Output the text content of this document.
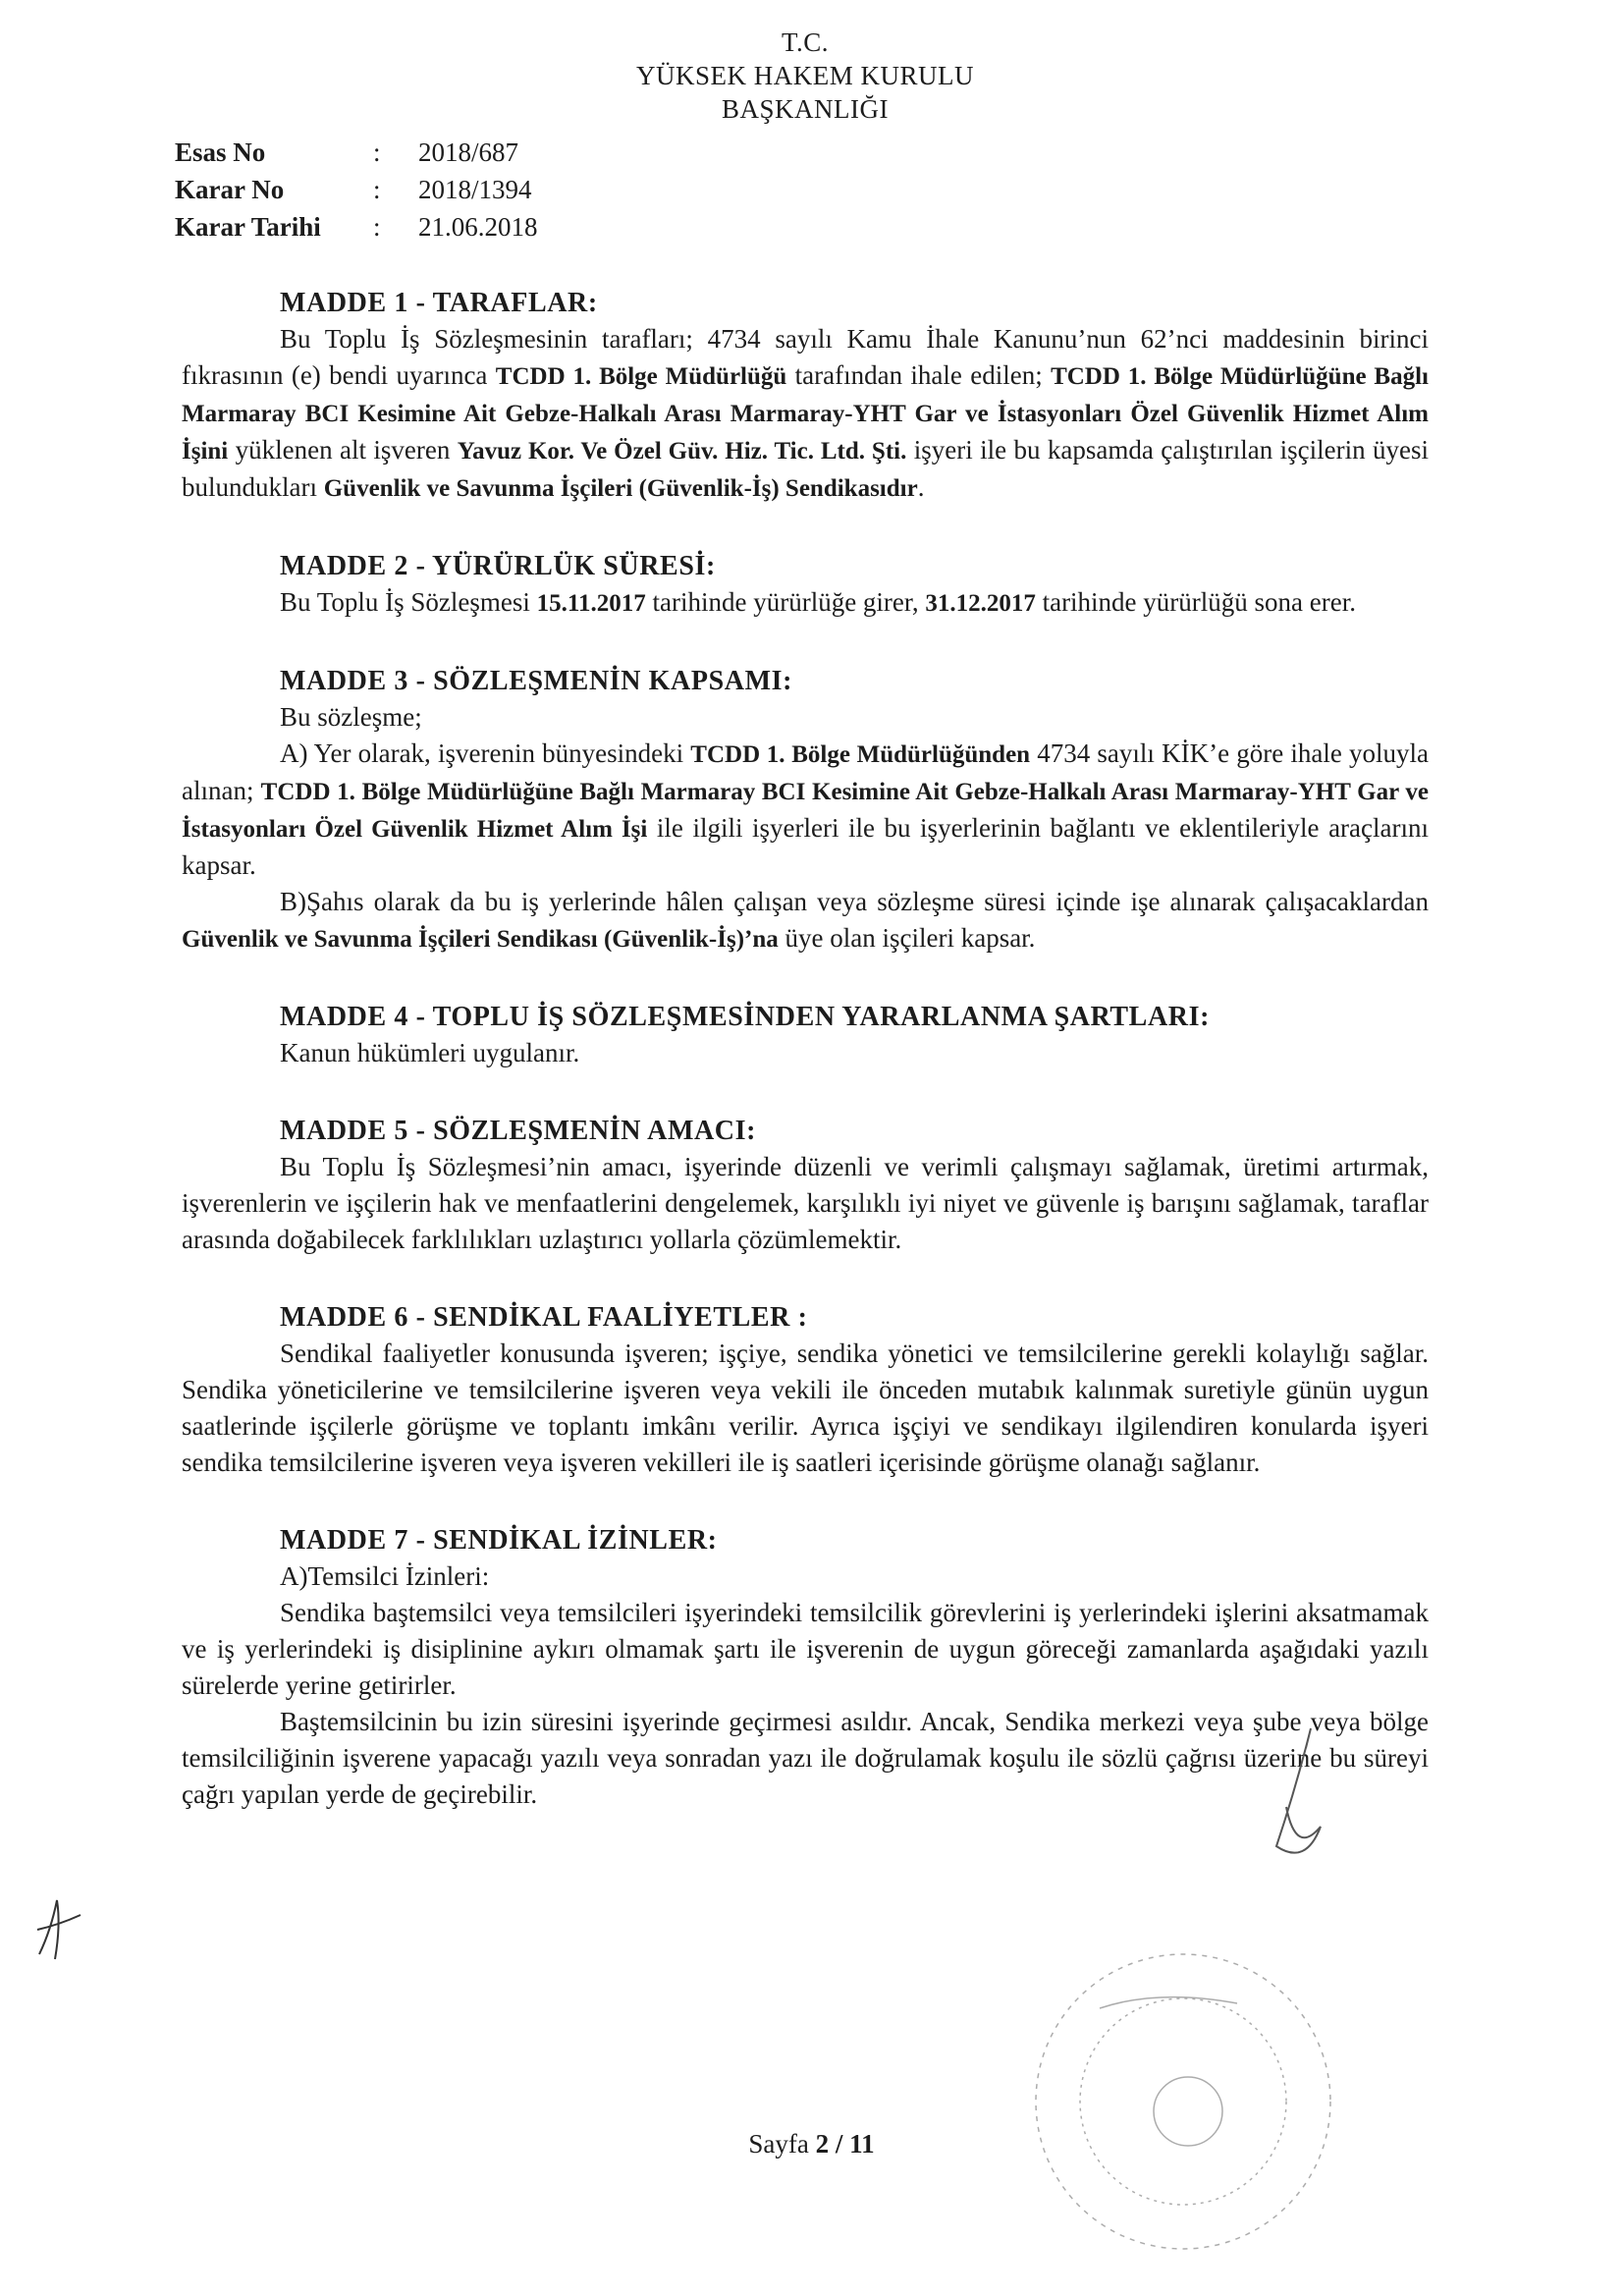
T.C.
YÜKSEK HAKEM KURULU
BAŞKANLIĞI
Esas No	:	2018/687
Karar No	:	2018/1394
Karar Tarihi	:	21.06.2018
MADDE 1 - TARAFLAR:

Bu Toplu İş Sözleşmesinin tarafları; 4734 sayılı Kamu İhale Kanunu’nun 62’nci maddesinin birinci fıkrasının (e) bendi uyarınca TCDD 1. Bölge Müdürlüğü tarafından ihale edilen; TCDD 1. Bölge Müdürlüğüne Bağlı Marmaray BCI Kesimine Ait Gebze-Halkalı Arası Marmaray-YHT Gar ve İstasyonları Özel Güvenlik Hizmet Alım İşini yüklenen alt işveren Yavuz Kor. Ve Özel Güv. Hiz. Tic. Ltd. Şti. işyeri ile bu kapsamda çalıştırılan işçilerin üyesi bulundukları Güvenlik ve Savunma İşçileri (Güvenlik-İş) Sendikasıdır.

MADDE 2 - YÜRÜRLÜK SÜRESİ:

Bu Toplu İş Sözleşmesi 15.11.2017 tarihinde yürürlüğe girer, 31.12.2017 tarihinde yürürlüğü sona erer.

MADDE 3 - SÖZLEŞMENİN KAPSAMI:

Bu sözleşme;

A) Yer olarak, işverenin bünyesindeki TCDD 1. Bölge Müdürlüğünden 4734 sayılı KİK’e göre ihale yoluyla alınan; TCDD 1. Bölge Müdürlüğüne Bağlı Marmaray BCI Kesimine Ait Gebze-Halkalı Arası Marmaray-YHT Gar ve İstasyonları Özel Güvenlik Hizmet Alım İşi ile ilgili işyerleri ile bu işyerlerinin bağlantı ve eklentileriyle araçlarını kapsar.

B)Şahıs olarak da bu iş yerlerinde hâlen çalışan veya sözleşme süresi içinde işe alınarak çalışacaklardan Güvenlik ve Savunma İşçileri Sendikası (Güvenlik-İş)’na üye olan işçileri kapsar.

MADDE 4 - TOPLU İŞ SÖZLEŞMESİNDEN YARARLANMA ŞARTLARI:

Kanun hükümleri uygulanır.

MADDE 5 - SÖZLEŞMENİN AMACI:

Bu Toplu İş Sözleşmesi’nin amacı, işyerinde düzenli ve verimli çalışmayı sağlamak, üretimi artırmak, işverenlerin ve işçilerin hak ve menfaatlerini dengelemek, karşılıklı iyi niyet ve güvenle iş barışını sağlamak, taraflar arasında doğabilecek farklılıkları uzlaştırıcı yollarla çözümlemektir.

MADDE 6 - SENDİKAL FAALİYETLER :

Sendikal faaliyetler konusunda işveren; işçiye, sendika yönetici ve temsilcilerine gerekli kolaylığı sağlar. Sendika yöneticilerine ve temsilcilerine işveren veya vekili ile önceden mutabık kalınmak suretiyle günün uygun saatlerinde işçilerle görüşme ve toplantı imkânı verilir. Ayrıca işçiyi ve sendikayı ilgilendiren konularda işyeri sendika temsilcilerine işveren veya işveren vekilleri ile iş saatleri içerisinde görüşme olanağı sağlanır.

MADDE 7 - SENDİKAL İZİNLER:

A)Temsilci İzinleri:

Sendika baştemsilci veya temsilcileri işyerindeki temsilcilik görevlerini iş yerlerindeki işlerini aksatmamak ve iş yerlerindeki iş disiplinine aykırı olmamak şartı ile işverenin de uygun göreceği zamanlarda aşağıdaki yazılı sürelerde yerine getirirler.

Baştemsilcinin bu izin süresini işyerinde geçirmesi asıldır. Ancak, Sendika merkezi veya şube veya bölge temsilciliğinin işverene yapacağı yazılı veya sonradan yazı ile doğrulamak koşulu ile sözlü çağrısı üzerine bu süreyi çağrı yapılan yerde de geçirebilir.

Sayfa 2 / 11
